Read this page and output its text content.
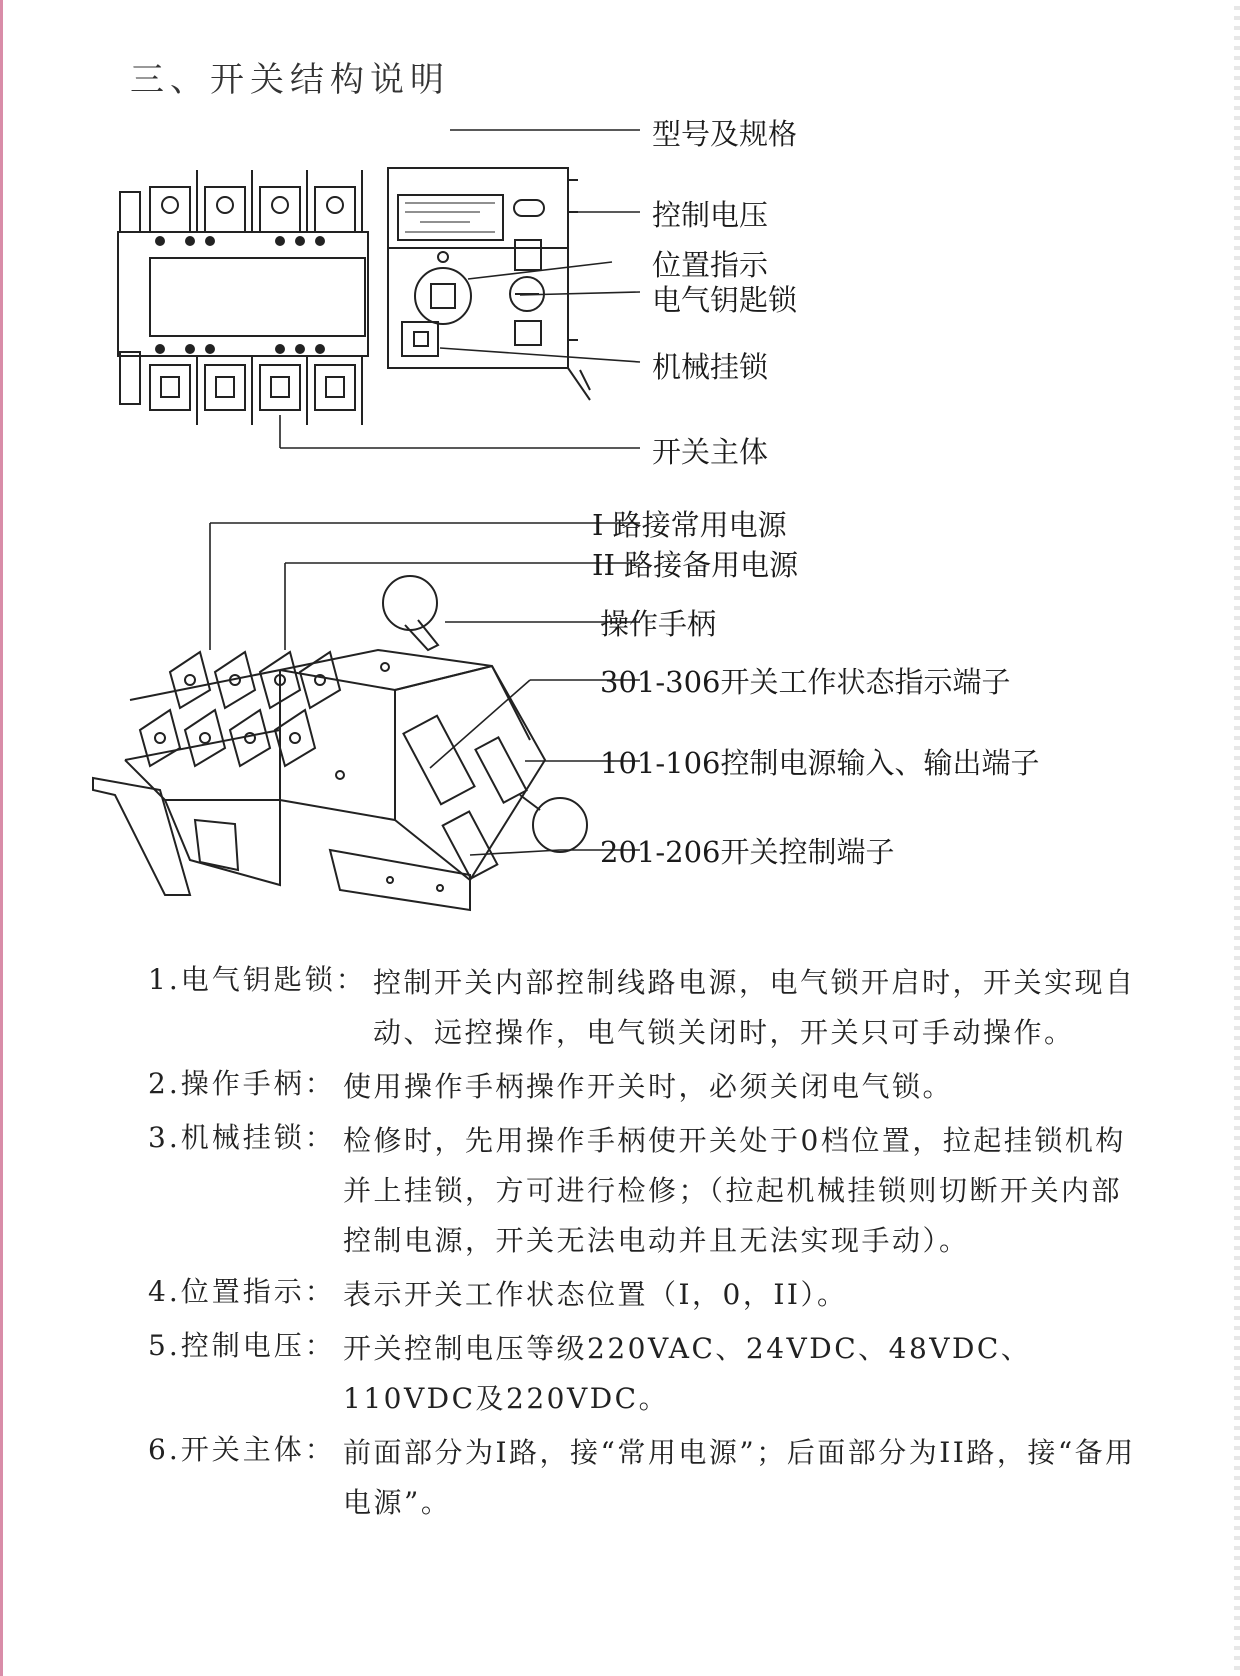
三、开关结构说明
型号及规格
控制电压
位置指示
电气钥匙锁
机械挂锁
开关主体
I 路接常用电源
II 路接备用电源
操作手柄
301-306开关工作状态指示端子
101-106控制电源输入、输出端子
201-206开关控制端子
1.电气钥匙锁： 控制开关内部控制线路电源，电气锁开启时，开关实现自动、远控操作，电气锁关闭时，开关只可手动操作。
2.操作手柄： 使用操作手柄操作开关时，必须关闭电气锁。
3.机械挂锁： 检修时，先用操作手柄使开关处于0档位置，拉起挂锁机构并上挂锁，方可进行检修；（拉起机械挂锁则切断开关内部控制电源，开关无法电动并且无法实现手动）。
4.位置指示： 表示开关工作状态位置（I，0，II）。
5.控制电压： 开关控制电压等级220VAC、24VDC、48VDC、110VDC及220VDC。
6.开关主体： 前面部分为I路，接“常用电源”；后面部分为II路，接“备用电源”。
